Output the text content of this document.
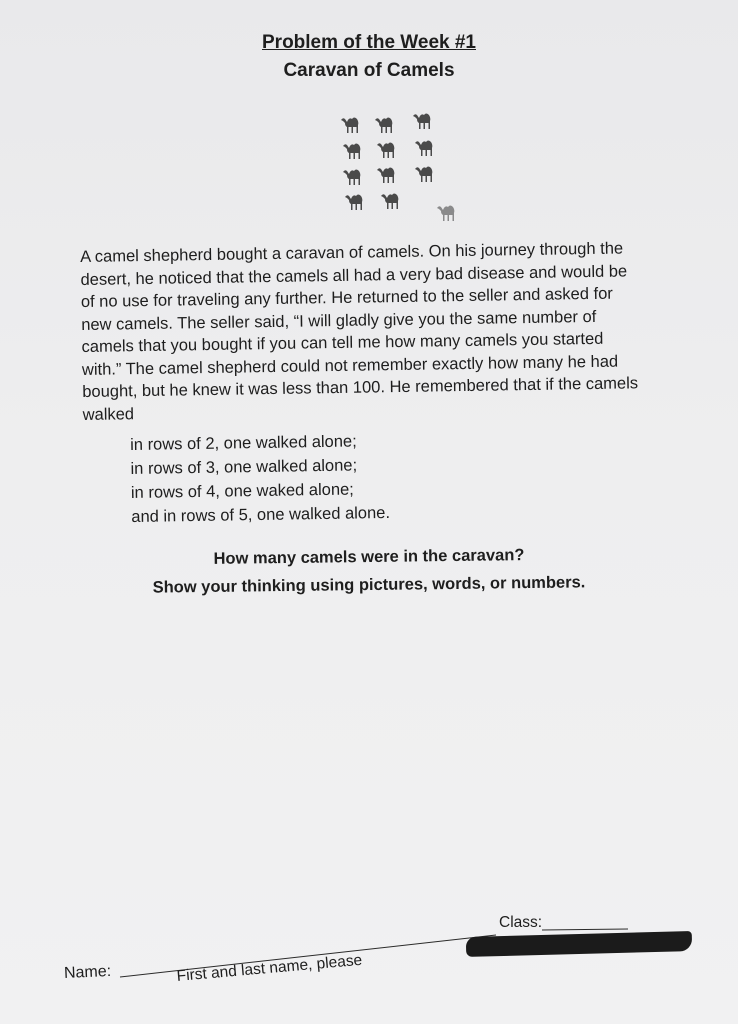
Problem of the Week #1
Caravan of Camels
A camel shepherd bought a caravan of camels. On his journey through the
desert, he noticed that the camels all had a very bad disease and would be
of no use for traveling any further. He returned to the seller and asked for
new camels. The seller said, “I will gladly give you the same number of
camels that you bought if you can tell me how many camels you started
with.” The camel shepherd could not remember exactly how many he had
bought, but he knew it was less than 100. He remembered that if the camels
walked
in rows of 2, one walked alone;
in rows of 3, one walked alone;
in rows of 4, one waked alone;
and in rows of 5, one walked alone.
How many camels were in the caravan?
Show your thinking using pictures, words, or numbers.
Name:	First and last name, please
Class:
